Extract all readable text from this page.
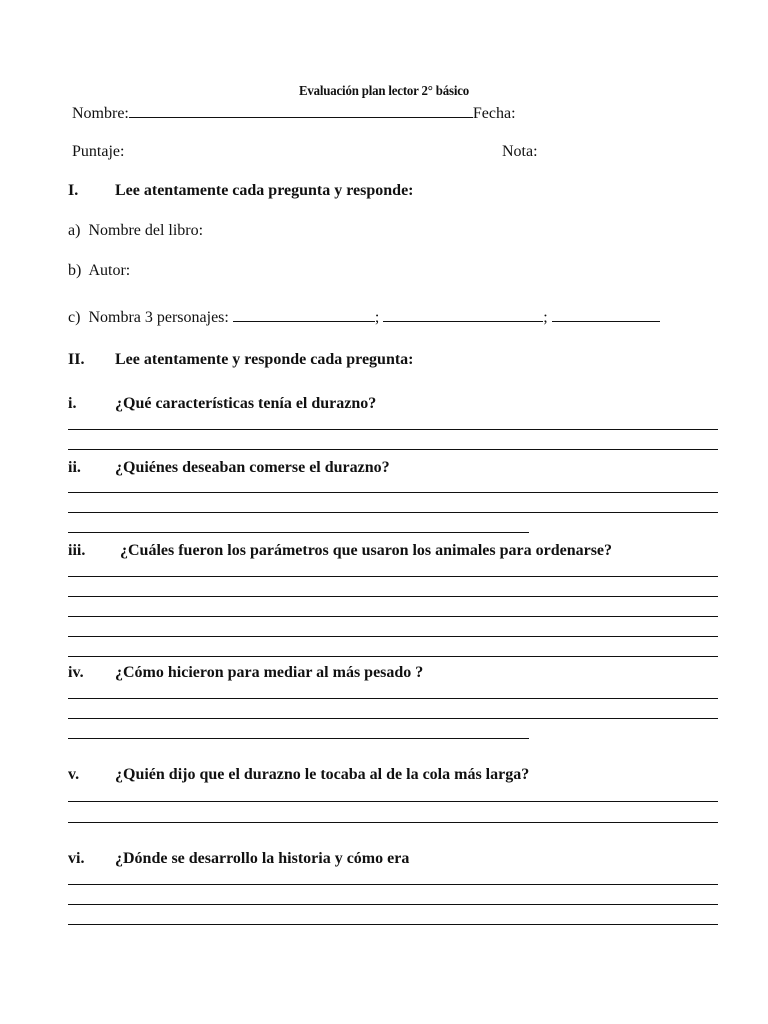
Evaluación plan lector 2° básico
Nombre:	Fecha:
Puntaje:	Nota:
I. Lee atentamente cada pregunta y responde:
a) Nombre del libro:
b) Autor:
c) Nombra 3 personajes:	;	;
II. Lee atentamente y responde cada pregunta:
i. ¿Qué características tenía el durazno?
ii. ¿Quiénes deseaban comerse el durazno?
iii. ¿Cuáles fueron los parámetros que usaron los animales para ordenarse?
iv. ¿Cómo hicieron para mediar al más pesado ?
v. ¿Quién dijo que el durazno le tocaba al de la cola más larga?
vi. ¿Dónde se desarrollo la historia y cómo era
